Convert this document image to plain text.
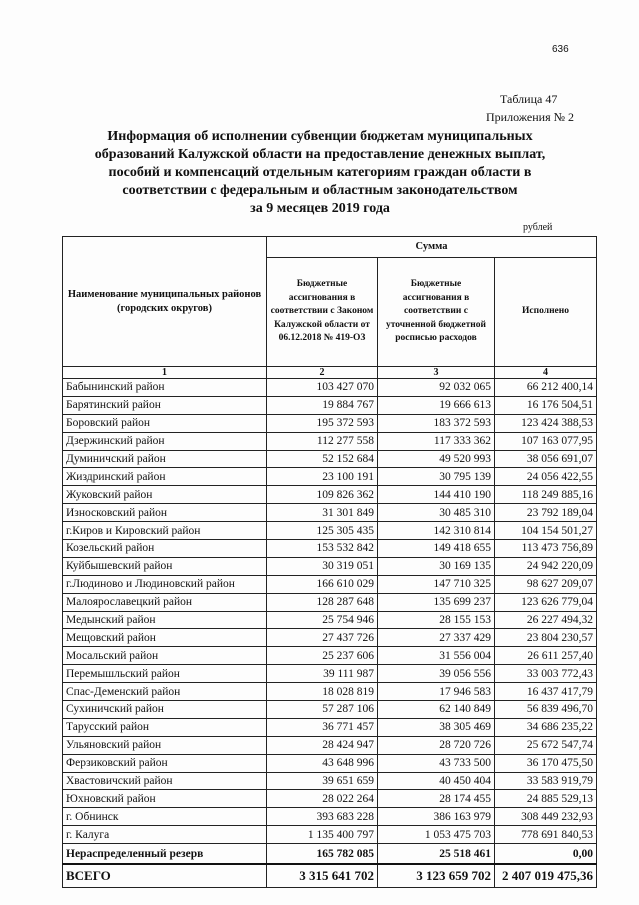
636
Таблица 47
Приложения № 2
Информация об исполнении субвенции бюджетам муниципальных
образований Калужской области на предоставление денежных выплат,
пособий и компенсаций отдельным категориям граждан области в
соответствии с федеральным и областным законодательством
за 9 месяцев 2019 года
рублей
Наименование муниципальных районов (городских округов)	Сумма		
	Бюджетные ассигнования в соответствии с Законом Калужской области от 06.12.2018 № 419-ОЗ	Бюджетные ассигнования в соответствии с уточненной бюджетной росписью расходов	Исполнено
1	2	3	4
Бабынинский район	103 427 070	92 032 065	66 212 400,14
Барятинский район	19 884 767	19 666 613	16 176 504,51
Боровский район	195 372 593	183 372 593	123 424 388,53
Дзержинский район	112 277 558	117 333 362	107 163 077,95
Думиничский район	52 152 684	49 520 993	38 056 691,07
Жиздринский район	23 100 191	30 795 139	24 056 422,55
Жуковский район	109 826 362	144 410 190	118 249 885,16
Износковский район	31 301 849	30 485 310	23 792 189,04
г.Киров и Кировский район	125 305 435	142 310 814	104 154 501,27
Козельский район	153 532 842	149 418 655	113 473 756,89
Куйбышевский район	30 319 051	30 169 135	24 942 220,09
г.Людиново и Людиновский район	166 610 029	147 710 325	98 627 209,07
Малоярославецкий район	128 287 648	135 699 237	123 626 779,04
Медынский район	25 754 946	28 155 153	26 227 494,32
Мещовский район	27 437 726	27 337 429	23 804 230,57
Мосальский район	25 237 606	31 556 004	26 611 257,40
Перемышльский район	39 111 987	39 056 556	33 003 772,43
Спас-Деменский район	18 028 819	17 946 583	16 437 417,79
Сухиничский район	57 287 106	62 140 849	56 839 496,70
Тарусский район	36 771 457	38 305 469	34 686 235,22
Ульяновский район	28 424 947	28 720 726	25 672 547,74
Ферзиковский район	43 648 996	43 733 500	36 170 475,50
Хвастовичский район	39 651 659	40 450 404	33 583 919,79
Юхновский район	28 022 264	28 174 455	24 885 529,13
г. Обнинск	393 683 228	386 163 979	308 449 232,93
г. Калуга	1 135 400 797	1 053 475 703	778 691 840,53
Нераспределенный резерв	165 782 085	25 518 461	0,00
ВСЕГО	3 315 641 702	3 123 659 702	2 407 019 475,36
